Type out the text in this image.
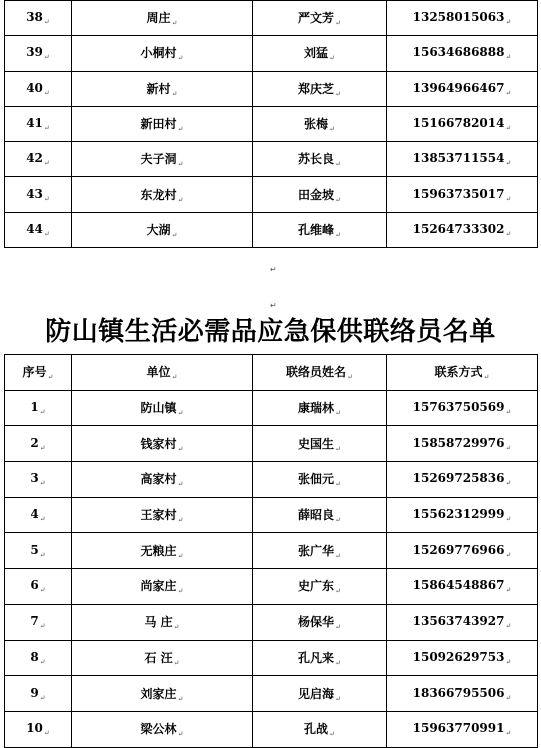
$38_↵$	周庄$_↵$	严文芳$_↵$	$13258015063_↵$
$39_↵$	小桐村$_↵$	刘猛$_↵$	$15634686888_↵$
$40_↵$	新村$_↵$	郑庆芝$_↵$	$13964966467_↵$
$41_↵$	新田村$_↵$	张梅$_↵$	$15166782014_↵$
$42_↵$	夫子洞$_↵$	苏长良$_↵$	$13853711554_↵$
$43_↵$	东龙村$_↵$	田金坡$_↵$	$15963735017_↵$
$44_↵$	大湖$_↵$	孔维峰$_↵$	$15264733302_↵$
↵
↵
防山镇生活必需品应急保供联络员名单
序号$_↵$	单位$_↵$	联络员姓名$_↵$	联系方式$_↵$
$1_↵$	防山镇$_↵$	康瑞林$_↵$	$15763750569_↵$
$2_↵$	钱家村$_↵$	史国生$_↵$	$15858729976_↵$
$3_↵$	高家村$_↵$	张佃元$_↵$	$15269725836_↵$
$4_↵$	王家村$_↵$	薛昭良$_↵$	$15562312999_↵$
$5_↵$	无粮庄$_↵$	张广华$_↵$	$15269776966_↵$
$6_↵$	尚家庄$_↵$	史广东$_↵$	$15864548867_↵$
$7_↵$	马 庄$_↵$	杨保华$_↵$	$13563743927_↵$
$8_↵$	石 汪$_↵$	孔凡来$_↵$	$15092629753_↵$
$9_↵$	刘家庄$_↵$	见启海$_↵$	$18366795506_↵$
$10_↵$	梁公林$_↵$	孔战$_↵$	$15963770991_↵$
